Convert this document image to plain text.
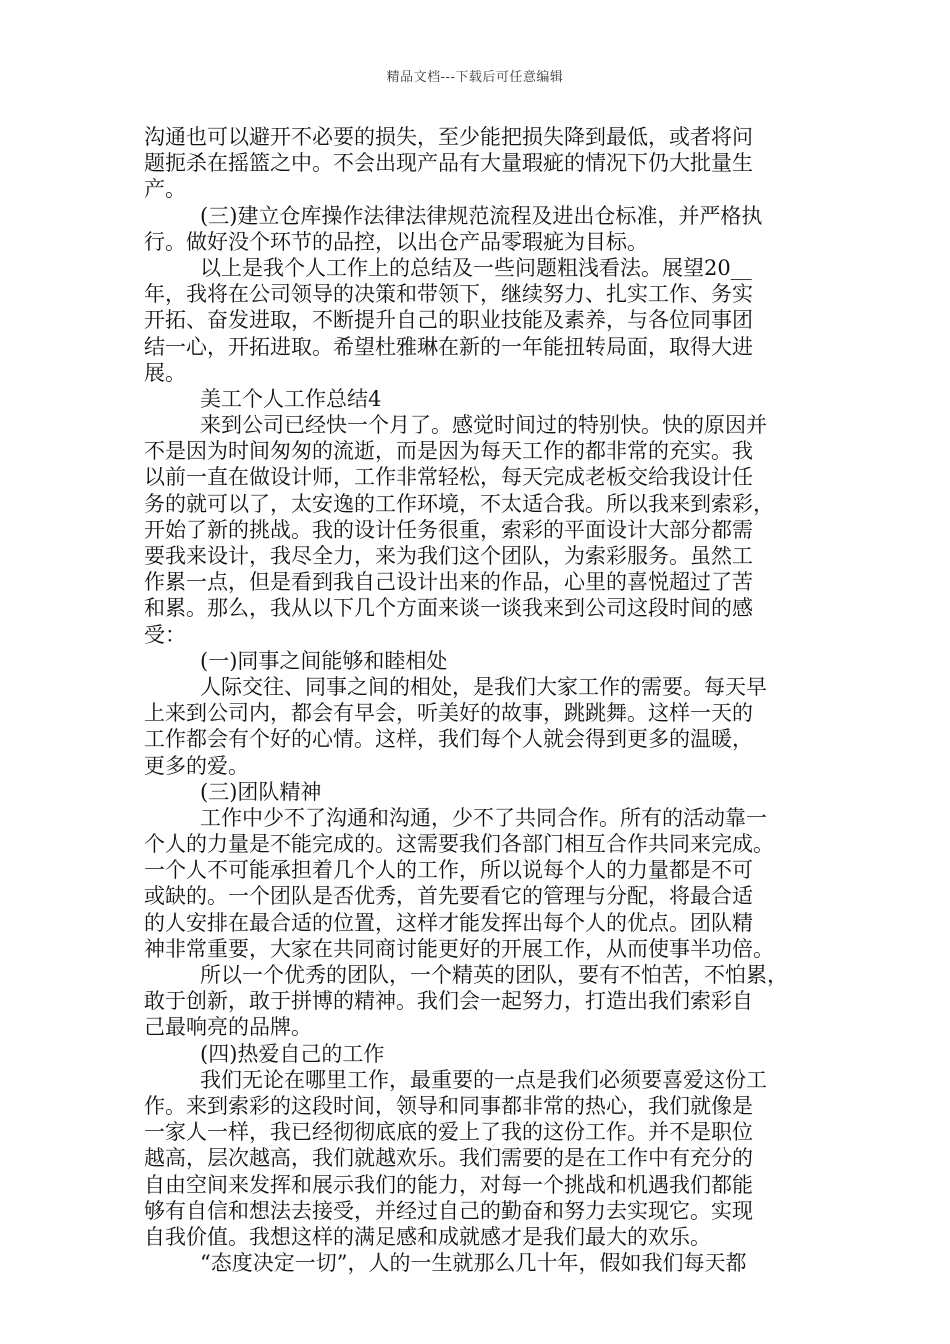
精品文档---下载后可任意编辑
沟通也可以避开不必要的损失，至少能把损失降到最低，或者将问
题扼杀在摇篮之中。不会出现产品有大量瑕疵的情况下仍大批量生
产。
(三)建立仓库操作法律法律规范流程及进出仓标准，并严格执
行。做好没个环节的品控，以出仓产品零瑕疵为目标。
以上是我个人工作上的总结及一些问题粗浅看法。展望20__
年，我将在公司领导的决策和带领下，继续努力、扎实工作、务实
开拓、奋发进取，不断提升自己的职业技能及素养，与各位同事团
结一心，开拓进取。希望杜雅琳在新的一年能扭转局面，取得大进
展。
美工个人工作总结4
来到公司已经快一个月了。感觉时间过的特别快。快的原因并
不是因为时间匆匆的流逝，而是因为每天工作的都非常的充实。我
以前一直在做设计师，工作非常轻松，每天完成老板交给我设计任
务的就可以了，太安逸的工作环境，不太适合我。所以我来到索彩，
开始了新的挑战。我的设计任务很重，索彩的平面设计大部分都需
要我来设计，我尽全力，来为我们这个团队，为索彩服务。虽然工
作累一点，但是看到我自己设计出来的作品，心里的喜悦超过了苦
和累。那么，我从以下几个方面来谈一谈我来到公司这段时间的感
受：
(一)同事之间能够和睦相处
人际交往、同事之间的相处，是我们大家工作的需要。每天早
上来到公司内，都会有早会，听美好的故事，跳跳舞。这样一天的
工作都会有个好的心情。这样，我们每个人就会得到更多的温暖，
更多的爱。
(三)团队精神
工作中少不了沟通和沟通，少不了共同合作。所有的活动靠一
个人的力量是不能完成的。这需要我们各部门相互合作共同来完成。
一个人不可能承担着几个人的工作，所以说每个人的力量都是不可
或缺的。一个团队是否优秀，首先要看它的管理与分配，将最合适
的人安排在最合适的位置，这样才能发挥出每个人的优点。团队精
神非常重要，大家在共同商讨能更好的开展工作，从而使事半功倍。
所以一个优秀的团队，一个精英的团队，要有不怕苦，不怕累，
敢于创新，敢于拼博的精神。我们会一起努力，打造出我们索彩自
己最响亮的品牌。
(四)热爱自己的工作
我们无论在哪里工作，最重要的一点是我们必须要喜爱这份工
作。来到索彩的这段时间，领导和同事都非常的热心，我们就像是
一家人一样，我已经彻彻底底的爱上了我的这份工作。并不是职位
越高，层次越高，我们就越欢乐。我们需要的是在工作中有充分的
自由空间来发挥和展示我们的能力，对每一个挑战和机遇我们都能
够有自信和想法去接受，并经过自己的勤奋和努力去实现它。实现
自我价值。我想这样的满足感和成就感才是我们最大的欢乐。
“态度决定一切”，人的一生就那么几十年，假如我们每天都
